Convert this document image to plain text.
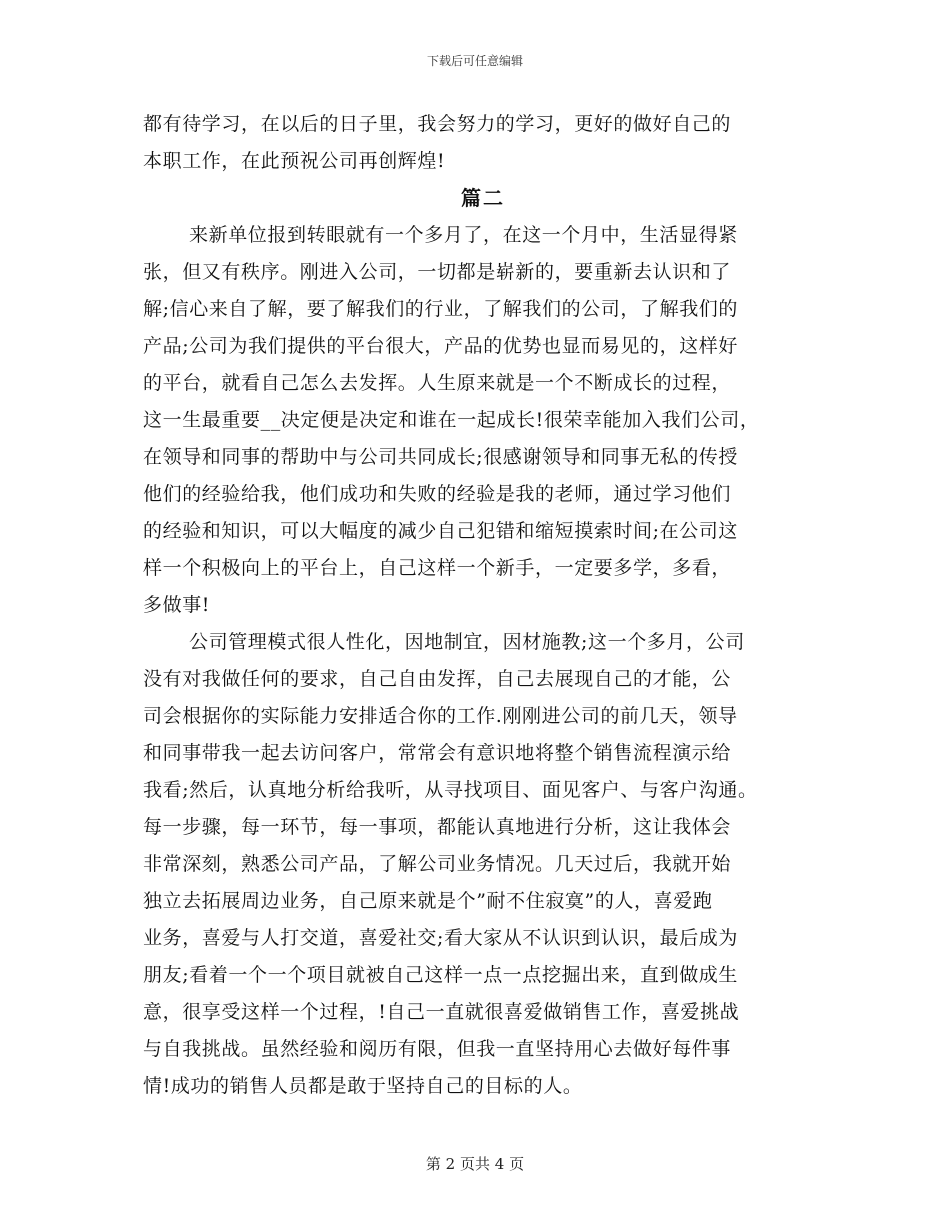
下载后可任意编辑
都有待学习，在以后的日子里，我会努力的学习，更好的做好自己的
本职工作，在此预祝公司再创辉煌!
篇二
来新单位报到转眼就有一个多月了，在这一个月中，生活显得紧
张，但又有秩序。刚进入公司，一切都是崭新的，要重新去认识和了
解;信心来自了解，要了解我们的行业，了解我们的公司，了解我们的
产品;公司为我们提供的平台很大，产品的优势也显而易见的，这样好
的平台，就看自己怎么去发挥。人生原来就是一个不断成长的过程，
这一生最重要__决定便是决定和谁在一起成长!很荣幸能加入我们公司，
在领导和同事的帮助中与公司共同成长;很感谢领导和同事无私的传授
他们的经验给我，他们成功和失败的经验是我的老师，通过学习他们
的经验和知识，可以大幅度的减少自己犯错和缩短摸索时间;在公司这
样一个积极向上的平台上，自己这样一个新手，一定要多学，多看，
多做事!
公司管理模式很人性化，因地制宜，因材施教;这一个多月，公司
没有对我做任何的要求，自己自由发挥，自己去展现自己的才能，公
司会根据你的实际能力安排适合你的工作.刚刚进公司的前几天，领导
和同事带我一起去访问客户，常常会有意识地将整个销售流程演示给
我看;然后，认真地分析给我听，从寻找项目、面见客户、与客户沟通。
每一步骤，每一环节，每一事项，都能认真地进行分析，这让我体会
非常深刻，熟悉公司产品，了解公司业务情况。几天过后，我就开始
独立去拓展周边业务，自己原来就是个”耐不住寂寞”的人，喜爱跑
业务，喜爱与人打交道，喜爱社交;看大家从不认识到认识，最后成为
朋友;看着一个一个项目就被自己这样一点一点挖掘出来，直到做成生
意，很享受这样一个过程，!自己一直就很喜爱做销售工作，喜爱挑战
与自我挑战。虽然经验和阅历有限，但我一直坚持用心去做好每件事
情!成功的销售人员都是敢于坚持自己的目标的人。
第 2 页共 4 页
